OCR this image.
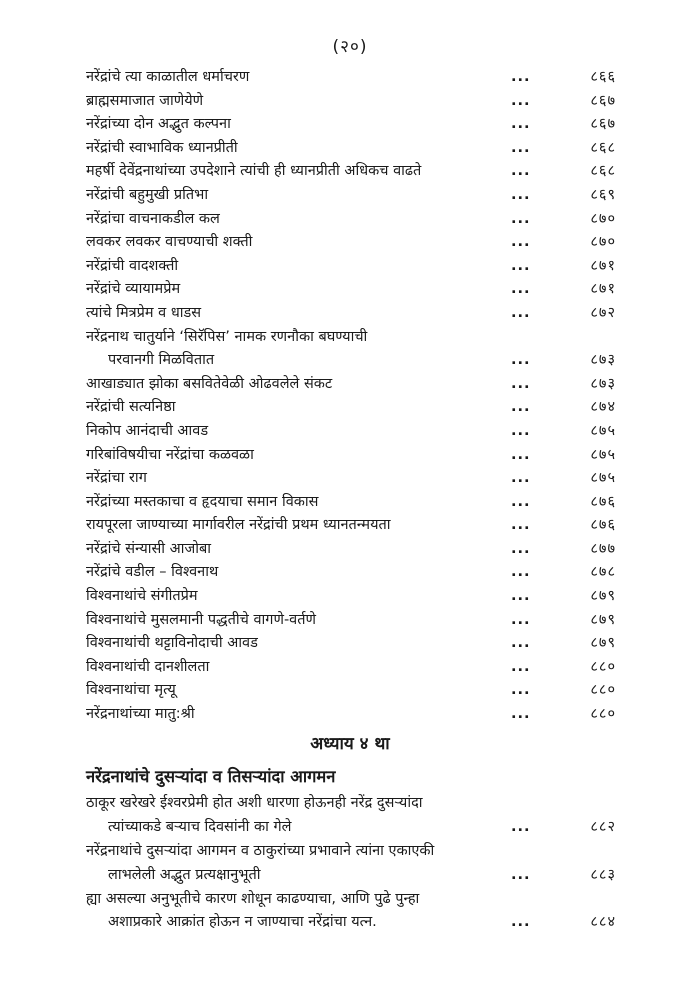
(२०)
नरेंद्रांचे त्या काळातील धर्माचरण	...	८६६
ब्राह्मसमाजात जाणेयेणे	...	८६७
नरेंद्रांच्या दोन अद्भुत कल्पना	...	८६७
नरेंद्रांची स्वाभाविक ध्यानप्रीती	...	८६८
महर्षी देवेंद्रनाथांच्या उपदेशाने त्यांची ही ध्यानप्रीती अधिकच वाढते	...	८६८
नरेंद्रांची बहुमुखी प्रतिभा	...	८६९
नरेंद्रांचा वाचनाकडील कल	...	८७०
लवकर लवकर वाचण्याची शक्ती	...	८७०
नरेंद्रांची वादशक्ती	...	८७१
नरेंद्रांचे व्यायामप्रेम	...	८७१
त्यांचे मित्रप्रेम व धाडस	...	८७२
नरेंद्रनाथ चातुर्याने ‘सिरॅपिस’ नामक रणनौका बघण्याची
परवानगी मिळवितात	...	८७३
आखाड्यात झोका बसवितेवेळी ओढवलेले संकट	...	८७३
नरेंद्रांची सत्यनिष्ठा	...	८७४
निकोप आनंदाची आवड	...	८७५
गरिबांविषयीचा नरेंद्रांचा कळवळा	...	८७५
नरेंद्रांचा राग	...	८७५
नरेंद्रांच्या मस्तकाचा व हृदयाचा समान विकास	...	८७६
रायपूरला जाण्याच्या मार्गावरील नरेंद्रांची प्रथम ध्यानतन्मयता	...	८७६
नरेंद्रांचे संन्यासी आजोबा	...	८७७
नरेंद्रांचे वडील – विश्वनाथ	...	८७८
विश्वनाथांचे संगीतप्रेम	...	८७९
विश्वनाथांचे मुसलमानी पद्धतीचे वागणे-वर्तणे	...	८७९
विश्वनाथांची थट्टाविनोदाची आवड	...	८७९
विश्वनाथांची दानशीलता	...	८८०
विश्वनाथांचा मृत्यू	...	८८०
नरेंद्रनाथांच्या मातु:श्री	...	८८०
अध्याय ४ था
नरेंद्रनाथांचे दुसऱ्यांदा व तिसऱ्यांदा आगमन
ठाकूर खरेखरे ईश्वरप्रेमी होत अशी धारणा होऊनही नरेंद्र दुसऱ्यांदा
त्यांच्याकडे बऱ्याच दिवसांनी का गेले	...	८८२
नरेंद्रनाथांचे दुसऱ्यांदा आगमन व ठाकुरांच्या प्रभावाने त्यांना एकाएकी
लाभलेली अद्भुत प्रत्यक्षानुभूती	...	८८३
ह्या असल्या अनुभूतीचे कारण शोधून काढण्याचा, आणि पुढे पुन्हा
अशाप्रकारे आक्रांत होऊन न जाण्याचा नरेंद्रांचा यत्न.	...	८८४
